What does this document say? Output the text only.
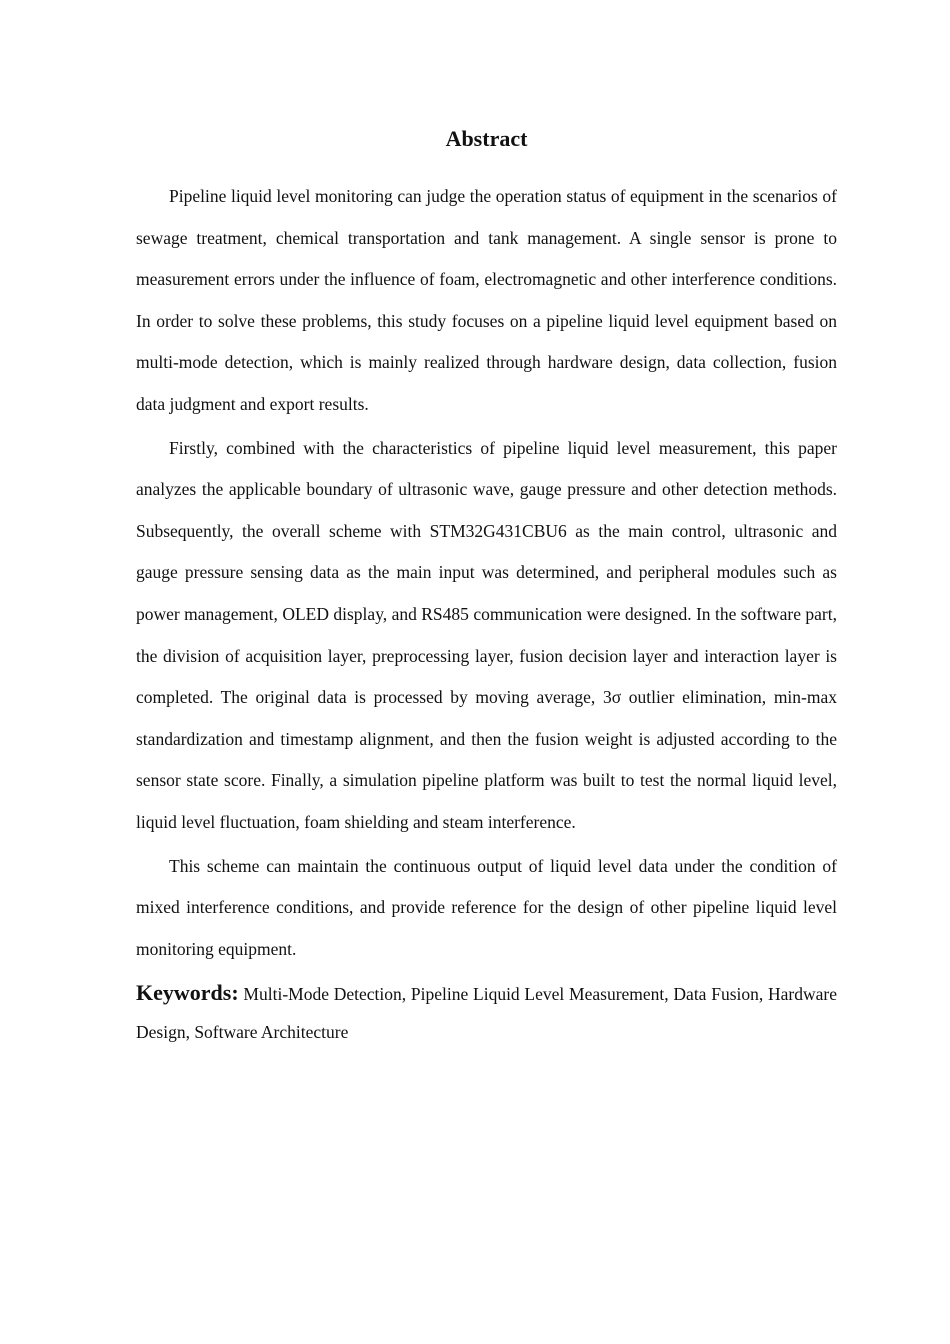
Abstract

Pipeline liquid level monitoring can judge the operation status of equipment in the scenarios of sewage treatment, chemical transportation and tank management. A single sensor is prone to measurement errors under the influence of foam, electromagnetic and other interference conditions. In order to solve these problems, this study focuses on a pipeline liquid level equipment based on multi-mode detection, which is mainly realized through hardware design, data collection, fusion data judgment and export results.

Firstly, combined with the characteristics of pipeline liquid level measurement, this paper analyzes the applicable boundary of ultrasonic wave, gauge pressure and other detection methods. Subsequently, the overall scheme with STM32G431CBU6 as the main control, ultrasonic and gauge pressure sensing data as the main input was determined, and peripheral modules such as power management, OLED display, and RS485 communication were designed. In the software part, the division of acquisition layer, preprocessing layer, fusion decision layer and interaction layer is completed. The original data is processed by moving average, 3σ outlier elimination, min-max standardization and timestamp alignment, and then the fusion weight is adjusted according to the sensor state score. Finally, a simulation pipeline platform was built to test the normal liquid level, liquid level fluctuation, foam shielding and steam interference.

This scheme can maintain the continuous output of liquid level data under the condition of mixed interference conditions, and provide reference for the design of other pipeline liquid level monitoring equipment.

Keywords: Multi-Mode Detection, Pipeline Liquid Level Measurement, Data Fusion, Hardware Design, Software Architecture
